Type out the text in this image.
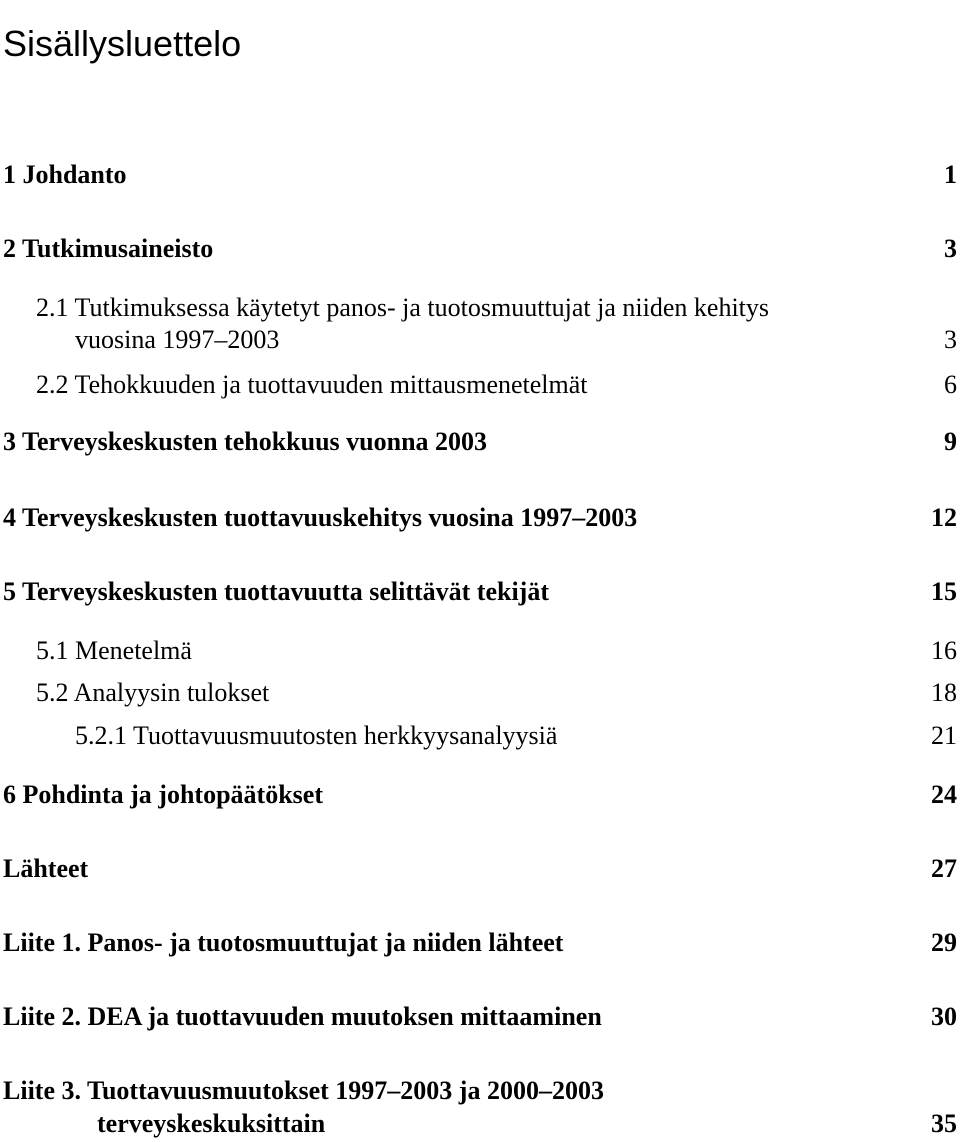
Sisällysluettelo
1 Johdanto	1
2 Tutkimusaineisto	3
2.1 Tutkimuksessa käytetyt panos- ja tuotosmuuttujat ja niiden kehitys
vuosina 1997–2003	3
2.2 Tehokkuuden ja tuottavuuden mittausmenetelmät	6
3 Terveyskeskusten tehokkuus vuonna 2003	9
4 Terveyskeskusten tuottavuuskehitys vuosina 1997–2003	12
5 Terveyskeskusten tuottavuutta selittävät tekijät	15
5.1 Menetelmä	16
5.2 Analyysin tulokset	18
5.2.1 Tuottavuusmuutosten herkkyysanalyysiä	21
6 Pohdinta ja johtopäätökset	24
Lähteet	27
Liite 1. Panos- ja tuotosmuuttujat ja niiden lähteet	29
Liite 2. DEA ja tuottavuuden muutoksen mittaaminen	30
Liite 3. Tuottavuusmuutokset 1997–2003 ja 2000–2003
terveyskeskuksittain	35
